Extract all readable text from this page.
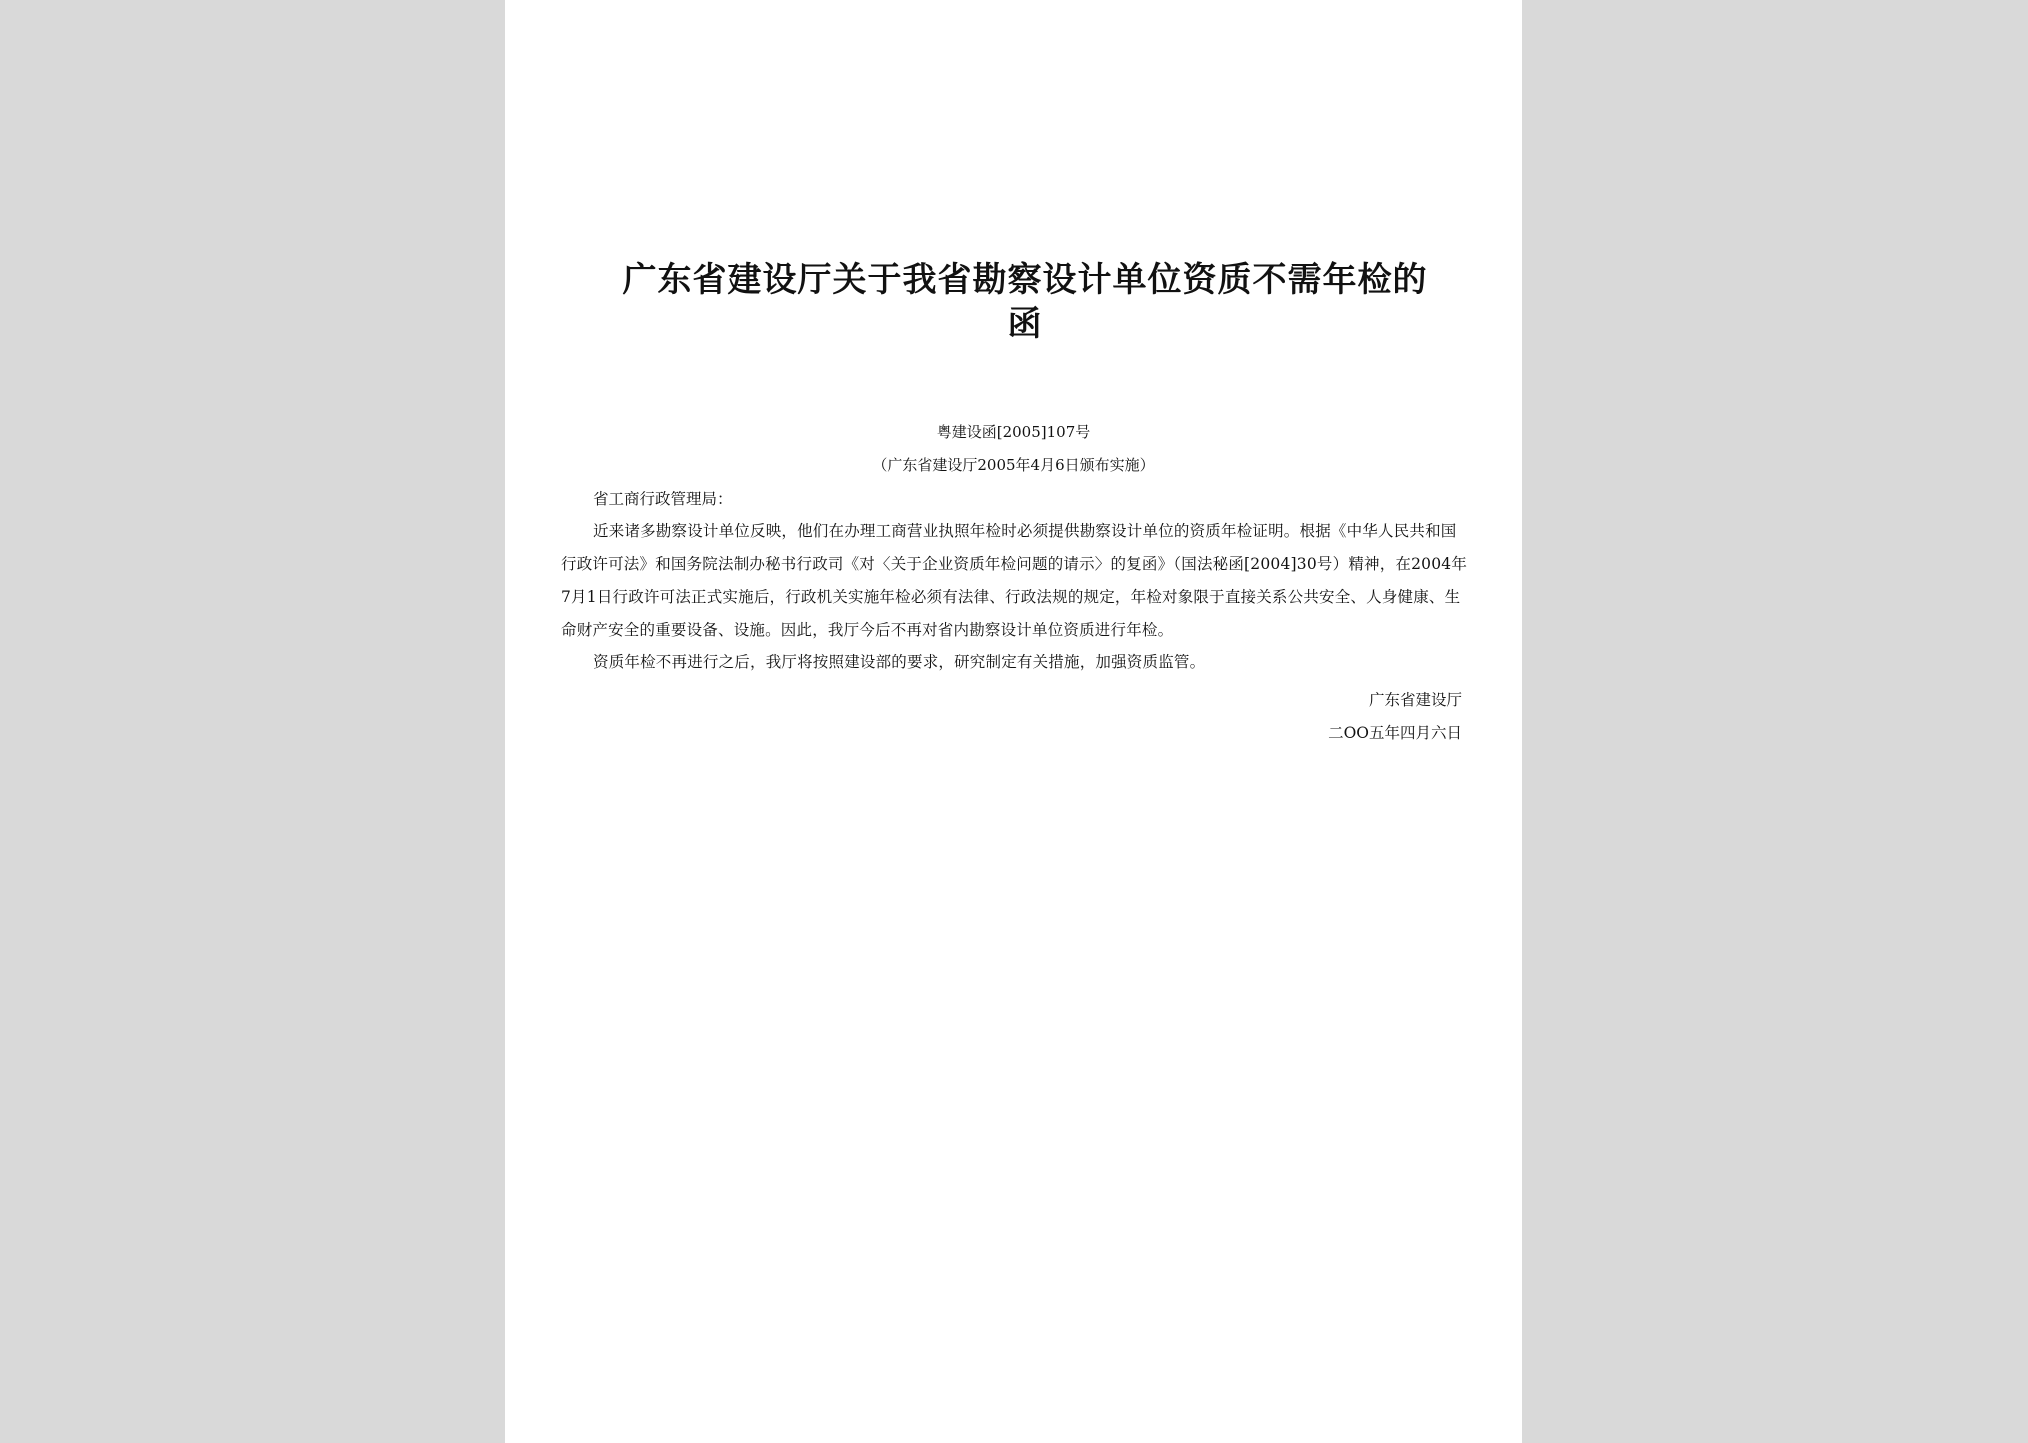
广东省建设厅关于我省勘察设计单位资质不需年检的
函
粤建设函[2005]107号
（广东省建设厅2005年4月6日颁布实施）
省工商行政管理局：
近来诸多勘察设计单位反映，他们在办理工商营业执照年检时必须提供勘察设计单位的资质年检证明。根据《中华人民共和国行政许可法》和国务院法制办秘书行政司《对〈关于企业资质年检问题的请示〉的复函》（国法秘函[2004]30号）精神，在2004年7月1日行政许可法正式实施后，行政机关实施年检必须有法律、行政法规的规定，年检对象限于直接关系公共安全、人身健康、生命财产安全的重要设备、设施。因此，我厅今后不再对省内勘察设计单位资质进行年检。
资质年检不再进行之后，我厅将按照建设部的要求，研究制定有关措施，加强资质监管。
广东省建设厅
二OO五年四月六日
